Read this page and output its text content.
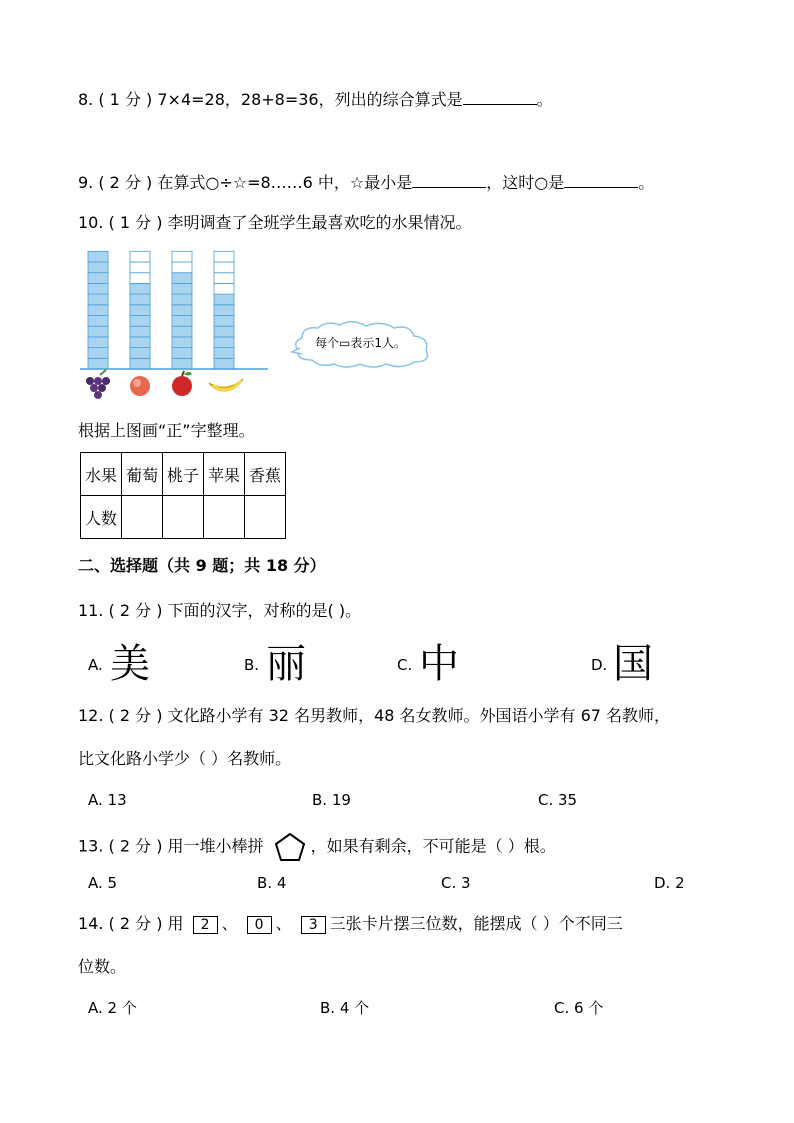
8. ( 1 分 ) 7×4=28，28+8=36，列出的综合算式是	。
9. ( 2 分 ) 在算式○÷☆=8……6 中，☆最小是	，这时○是	。
10. ( 1 分 ) 李明调查了全班学生最喜欢吃的水果情况。
每个▭表示1人。
根据上图画“正”字整理。
水果	葡萄	桃子	苹果	香蕉
人数				
二、选择题（共 9 题；共 18 分）
11. ( 2 分 ) 下面的汉字，对称的是( )。
A. 美	B. 丽	C. 中	D. 国
12. ( 2 分 ) 文化路小学有 32 名男教师，48 名女教师。外国语小学有 67 名教师，
比文化路小学少（ ）名教师。
A. 13	B. 19	C. 35
13. ( 2 分 ) 用一堆小棒拼	，如果有剩余，不可能是（ ）根。
A. 5	B. 4	C. 3	D. 2
14. ( 2 分 ) 用 2 、 0 、 3 三张卡片摆三位数，能摆成（ ）个不同三
位数。
A. 2 个	B. 4 个	C. 6 个
